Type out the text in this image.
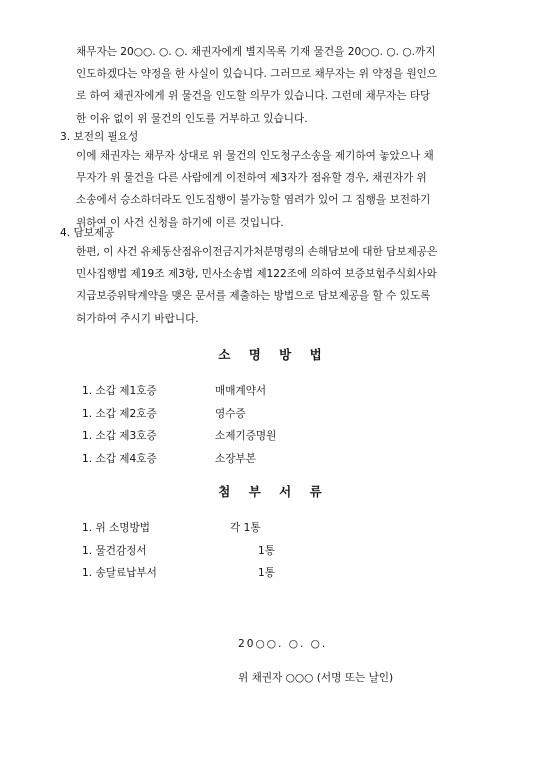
채무자는 20○○. ○. ○. 채권자에게 별지목록 기재 물건을 20○○. ○. ○.까지
인도하겠다는 약정을 한 사실이 있습니다. 그러므로 채무자는 위 약정을 원인으
로 하여 채권자에게 위 물건을 인도할 의무가 있습니다. 그런데 채무자는 타당
한 이유 없이 위 물건의 인도를 거부하고 있습니다.
3. 보전의 필요성
이에 채권자는 채무자 상대로 위 물건의 인도청구소송을 제기하여 놓았으나 채
무자가 위 물건을 다른 사람에게 이전하여 제3자가 점유할 경우, 채권자가 위
소송에서 승소하더라도 인도집행이 불가능할 염려가 있어 그 집행을 보전하기
위하여 이 사건 신청을 하기에 이른 것입니다.
4. 담보제공
한편, 이 사건 유체동산점유이전금지가처분명령의 손해담보에 대한 담보제공은
민사집행법 제19조 제3항, 민사소송법 제122조에 의하여 보증보험주식회사와
지급보증위탁계약을 맺은 문서를 제출하는 방법으로 담보제공을 할 수 있도록
허가하여 주시기 바랍니다.
소 명 방 법
1. 소갑 제1호증	매매계약서
1. 소갑 제2호증	영수증
1. 소갑 제3호증	소제기증명원
1. 소갑 제4호증	소장부본
첨 부 서 류
1. 위 소명방법	각 1통
1. 물건감정서	1통
1. 송달료납부서	1통
20○○. ○. ○.
위 채권자 ○○○ (서명 또는 날인)
